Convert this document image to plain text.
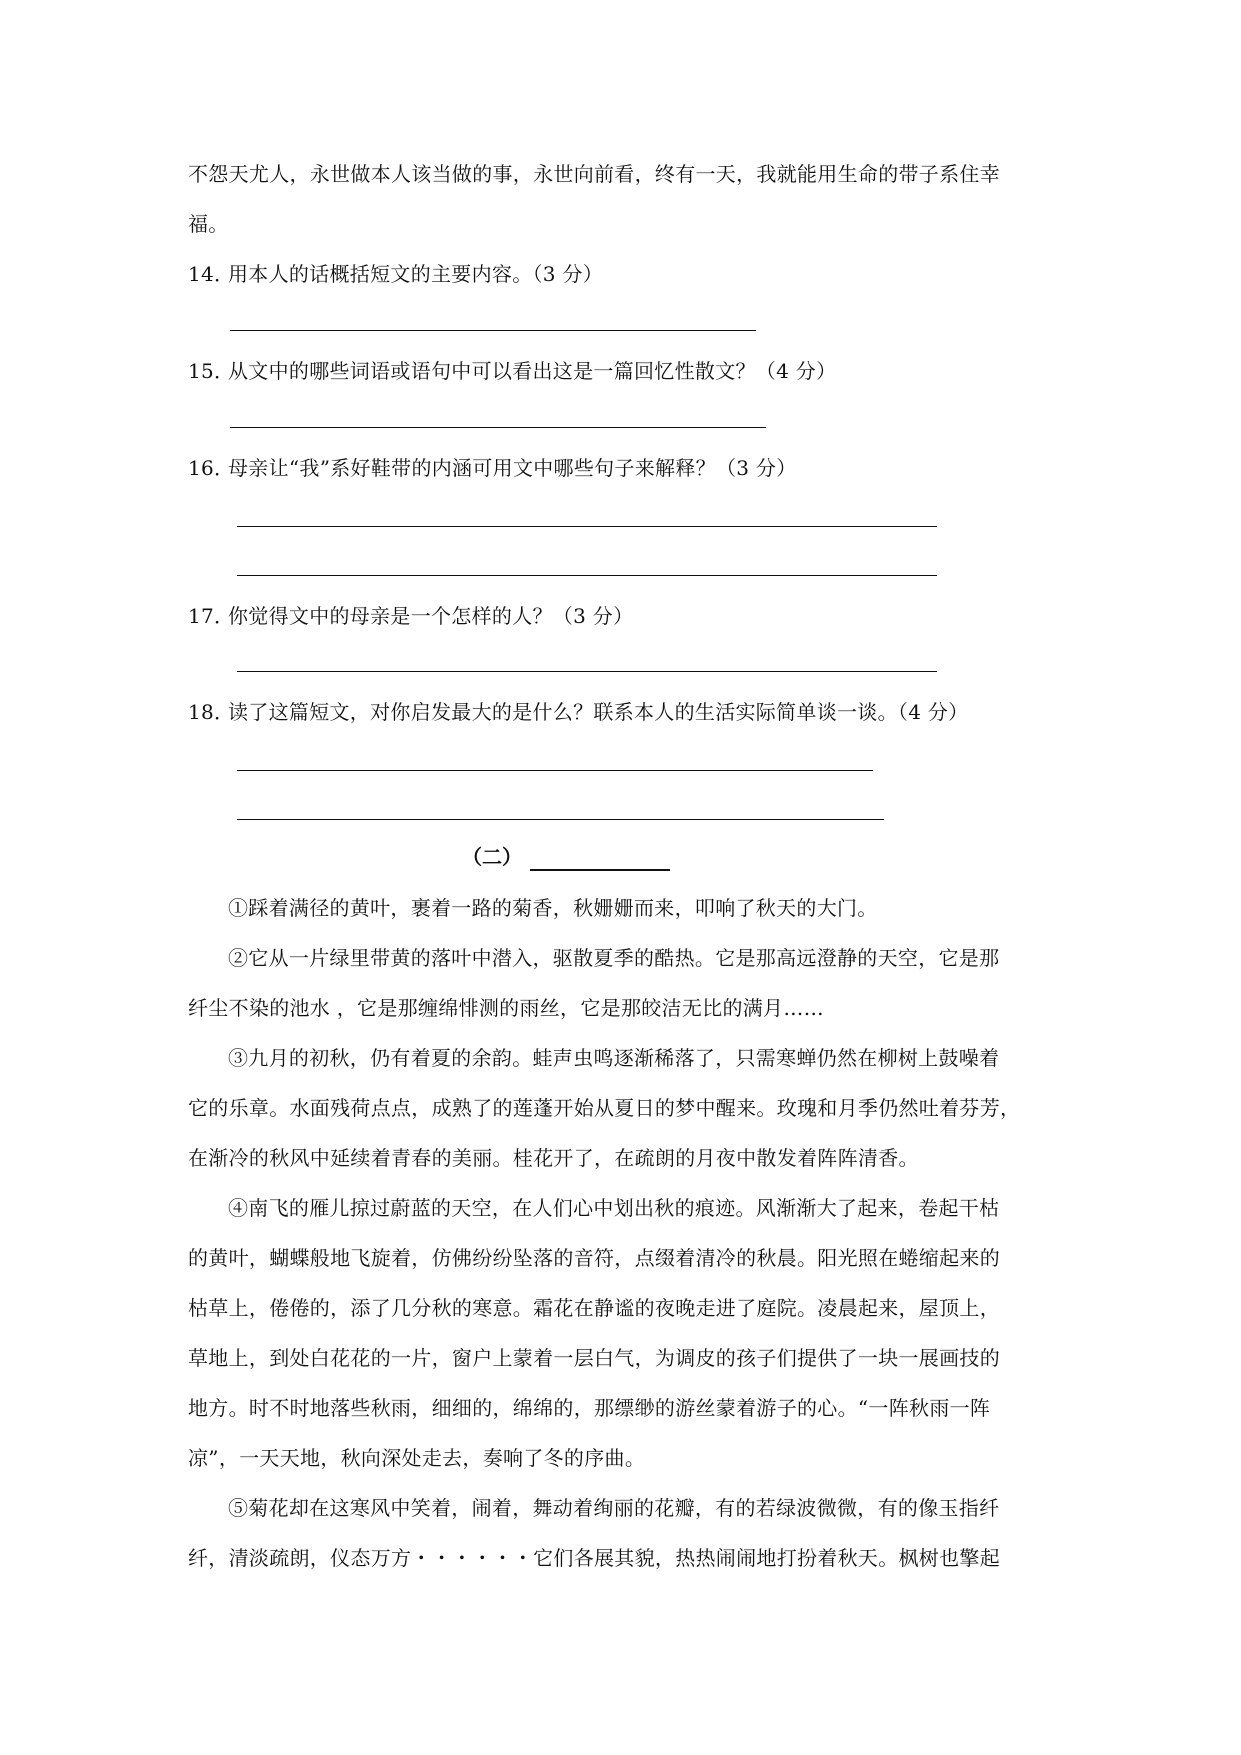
不怨天尤人，永世做本人该当做的事，永世向前看，终有一天，我就能用生命的带子系住幸
福。
14．用本人的话概括短文的主要内容。（3 分）
15．从文中的哪些词语或语句中可以看出这是一篇回忆性散文？（4 分）
16．母亲让“我”系好鞋带的内涵可用文中哪些句子来解释？（3 分）
17．你觉得文中的母亲是一个怎样的人？（3 分）
18．读了这篇短文，对你启发最大的是什么？联系本人的生活实际简单谈一谈。（4 分）
（二）
①踩着满径的黄叶，裹着一路的菊香，秋姗姗而来，叩响了秋天的大门。
②它从一片绿里带黄的落叶中潜入，驱散夏季的酷热。它是那高远澄静的天空，它是那
纤尘不染的池水 ，它是那缠绵悱测的雨丝，它是那皎洁无比的满月……
③九月的初秋，仍有着夏的余韵。蛙声虫鸣逐渐稀落了，只需寒蝉仍然在柳树上鼓噪着
它的乐章。水面残荷点点，成熟了的莲蓬开始从夏日的梦中醒来。玫瑰和月季仍然吐着芬芳，
在渐冷的秋风中延续着青春的美丽。桂花开了，在疏朗的月夜中散发着阵阵清香。
④南飞的雁儿掠过蔚蓝的天空，在人们心中划出秋的痕迹。风渐渐大了起来，卷起干枯
的黄叶，蝴蝶般地飞旋着，仿佛纷纷坠落的音符，点缀着清冷的秋晨。阳光照在蜷缩起来的
枯草上，倦倦的，添了几分秋的寒意。霜花在静谧的夜晚走进了庭院。凌晨起来，屋顶上，
草地上，到处白花花的一片，窗户上蒙着一层白气，为调皮的孩子们提供了一块一展画技的
地方。时不时地落些秋雨，细细的，绵绵的，那缥缈的游丝蒙着游子的心。“一阵秋雨一阵
凉”，一天天地，秋向深处走去，奏响了冬的序曲。
⑤菊花却在这寒风中笑着，闹着，舞动着绚丽的花瓣，有的若绿波微微，有的像玉指纤
纤，清淡疏朗，仪态万方・・・・・・它们各展其貌，热热闹闹地打扮着秋天。枫树也擎起
